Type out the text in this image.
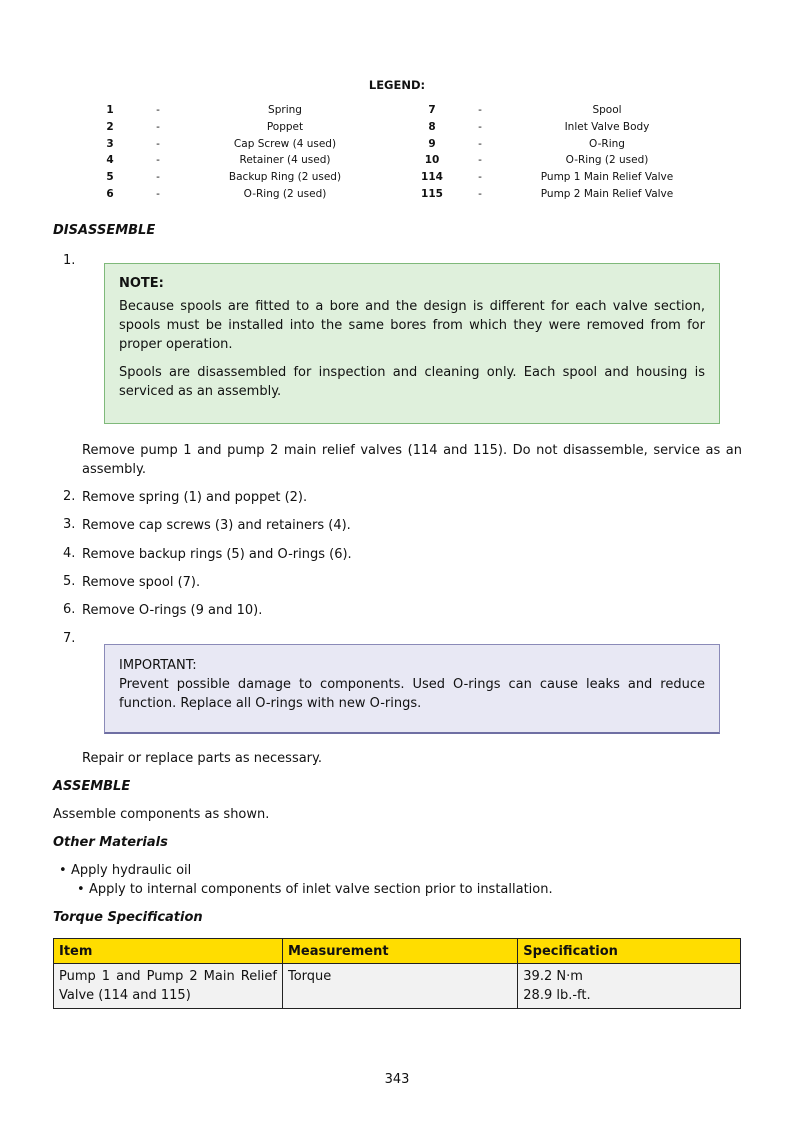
LEGEND:
1	-	Spring	7	-	Spool
2	-	Poppet	8	-	Inlet Valve Body
3	-	Cap Screw (4 used)	9	-	O-Ring
4	-	Retainer (4 used)	10	-	O-Ring (2 used)
5	-	Backup Ring (2 used)	114	-	Pump 1 Main Relief Valve
6	-	O-Ring (2 used)	115	-	Pump 2 Main Relief Valve
DISASSEMBLE
1.
NOTE:

Because spools are fitted to a bore and the design is different for each valve section, spools must be installed into the same bores from which they were removed from for proper operation.

Spools are disassembled for inspection and cleaning only. Each spool and housing is serviced as an assembly.

Remove pump 1 and pump 2 main relief valves (114 and 115). Do not disassemble, service as an assembly.
2. Remove spring (1) and poppet (2).
3. Remove cap screws (3) and retainers (4).
4. Remove backup rings (5) and O-rings (6).
5. Remove spool (7).
6. Remove O-rings (9 and 10).
7.
IMPORTANT:

Prevent possible damage to components. Used O-rings can cause leaks and reduce function. Replace all O-rings with new O-rings.

Repair or replace parts as necessary.
ASSEMBLE
Assemble components as shown.
Other Materials
• Apply hydraulic oil
• Apply to internal components of inlet valve section prior to installation.
Torque Specification
Item	Measurement	Specification
Pump 1 and Pump 2 Main Relief Valve (114 and 115)	Torque	39.2 N·m
28.9 lb.-ft.
343
